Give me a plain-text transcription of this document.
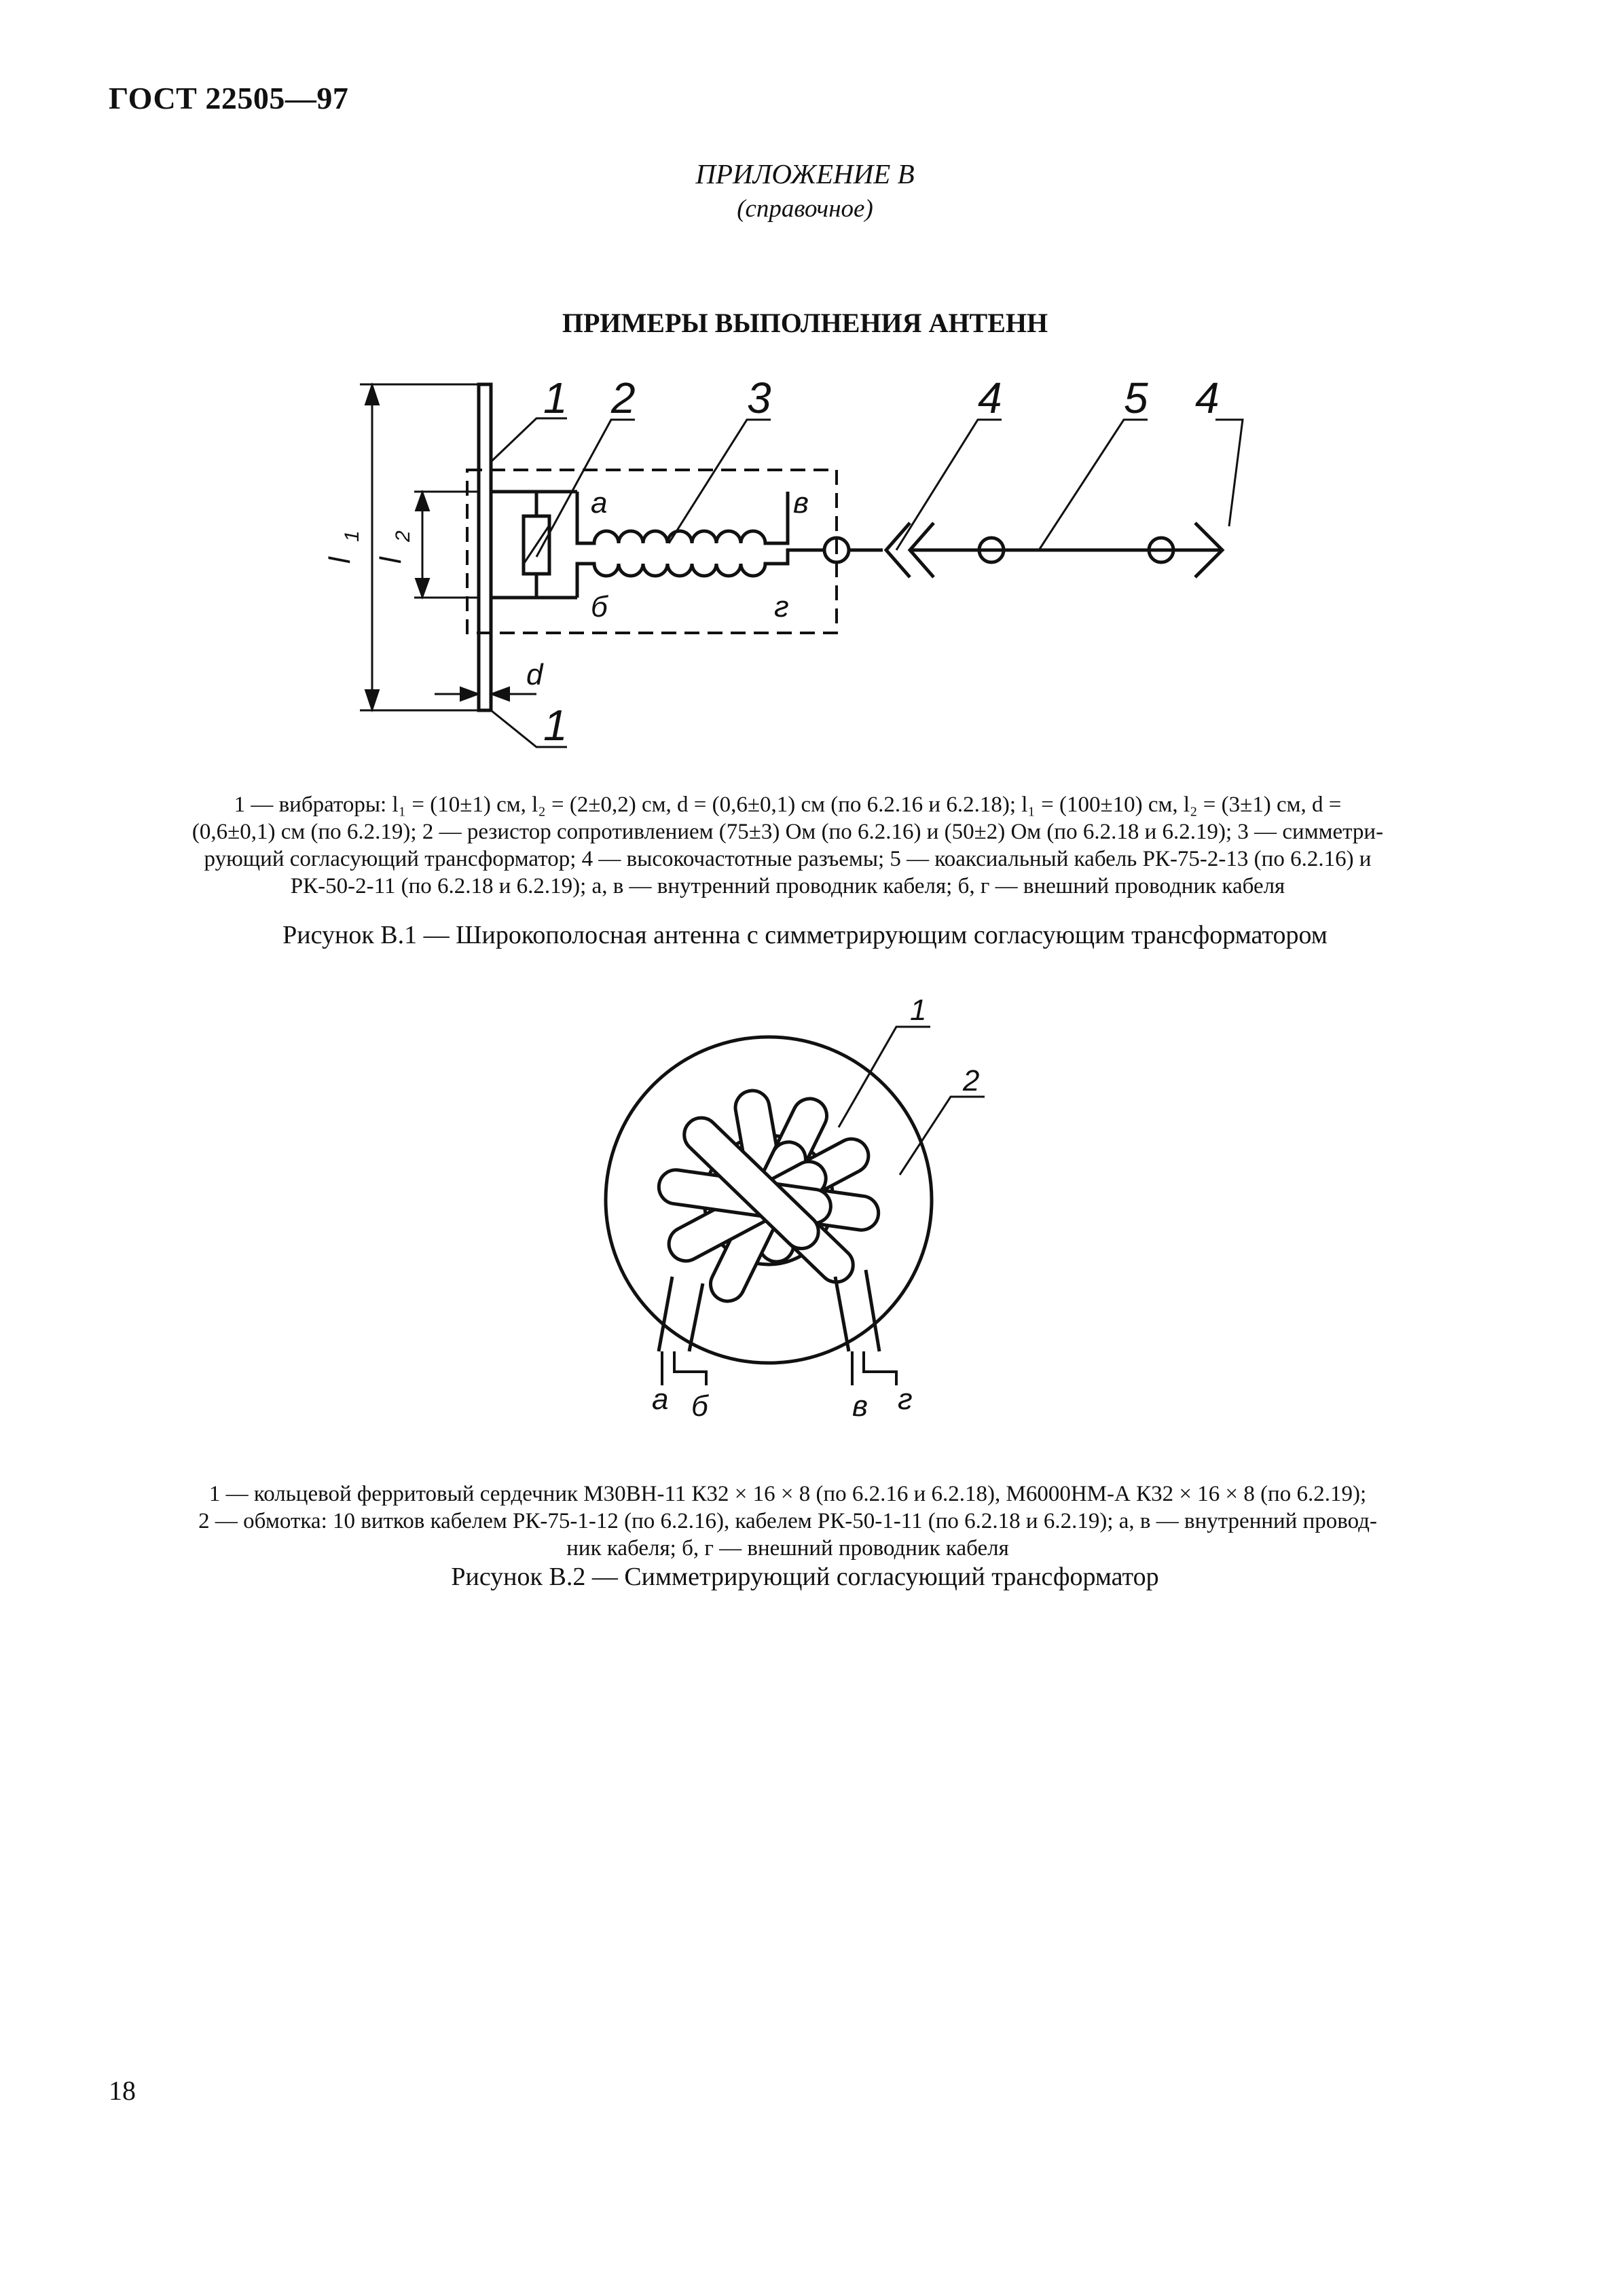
ГОСТ 22505—97
ПРИЛОЖЕНИЕ В
(справочное)
ПРИМЕРЫ ВЫПОЛНЕНИЯ АНТЕНН
1 2	3	4	5 4
1
l
1
l
2
d
а
б
в
г
1 — вибраторы: l₁ = (10±1) см, l₂ = (2±0,2) см, d = (0,6±0,1) см (по 6.2.16 и 6.2.18); l₁ = (100±10) см, l₂ = (3±1) см, d =
(0,6±0,1) см (по 6.2.19); 2 — резистор сопротивлением (75±3) Ом (по 6.2.16) и (50±2) Ом (по 6.2.18 и 6.2.19); 3 — симметри-
рующий согласующий трансформатор; 4 — высокочастотные разъемы; 5 — коаксиальный кабель РК-75-2-13 (по 6.2.16) и
РК-50-2-11 (по 6.2.18 и 6.2.19); а, в — внутренний проводник кабеля; б, г — внешний проводник кабеля
Рисунок В.1 — Широкополосная антенна с симметрирующим согласующим трансформатором
1
2
а б	в г
1 — кольцевой ферритовый сердечник М30ВН-11 К32 × 16 × 8 (по 6.2.16 и 6.2.18), М6000НМ-А К32 × 16 × 8 (по 6.2.19);
2 — обмотка: 10 витков кабелем РК-75-1-12 (по 6.2.16), кабелем РК-50-1-11 (по 6.2.18 и 6.2.19); а, в — внутренний провод-
ник кабеля; б, г — внешний проводник кабеля
Рисунок В.2 — Симметрирующий согласующий трансформатор
18
